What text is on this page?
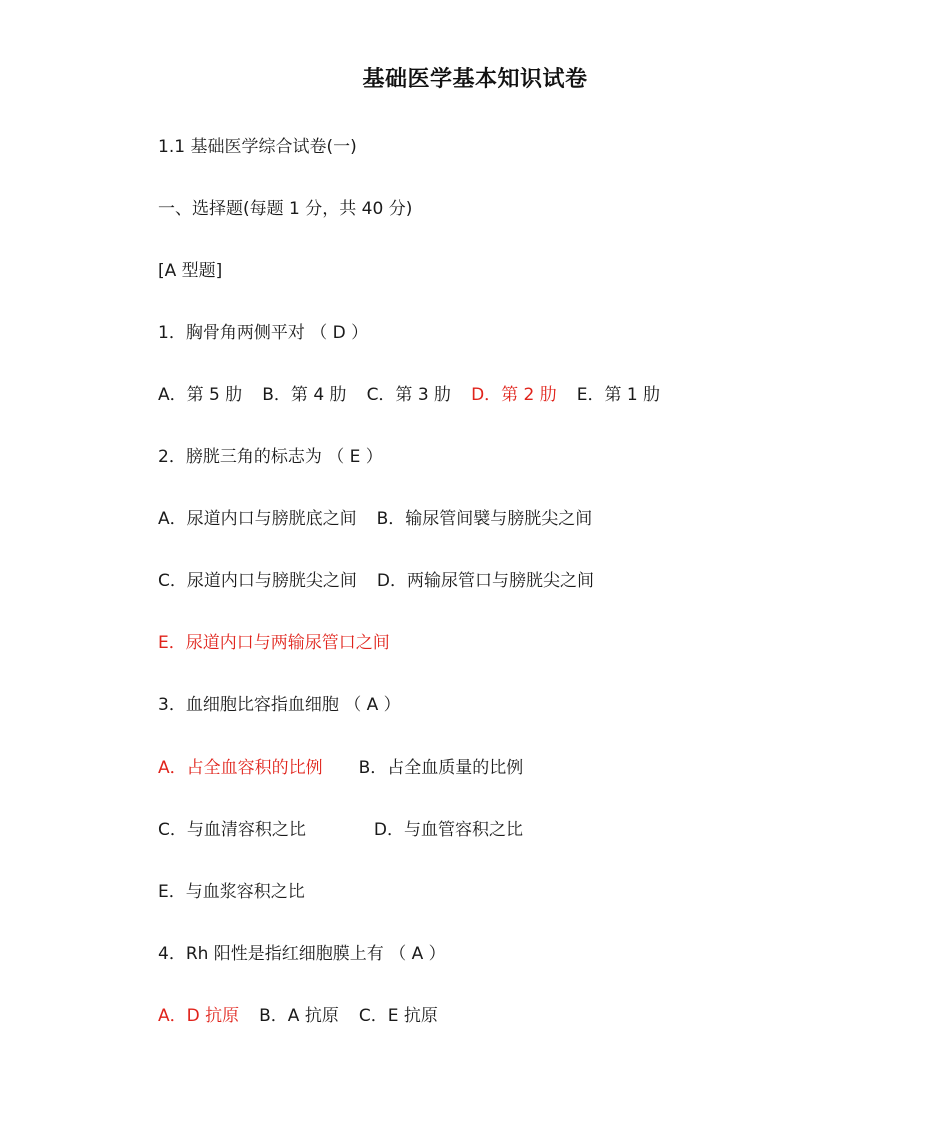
基础医学基本知识试卷
1.1 基础医学综合试卷(一)
一、选择题(每题 1 分，共 40 分)
[A 型题]
1．胸骨角两侧平对 （ D ）
A．第 5 肋 B．第 4 肋 C．第 3 肋 D．第 2 肋 E．第 1 肋
2．膀胱三角的标志为 （ E ）
A．尿道内口与膀胱底之间 B．输尿管间襞与膀胱尖之间
C．尿道内口与膀胱尖之间 D．两输尿管口与膀胱尖之间
E．尿道内口与两输尿管口之间
3．血细胞比容指血细胞 （ A ）
A．占全血容积的比例 B．占全血质量的比例
C．与血清容积之比	D．与血管容积之比
E．与血浆容积之比
4．Rh 阳性是指红细胞膜上有 （ A ）
A．D 抗原 B．A 抗原 C．E 抗原
